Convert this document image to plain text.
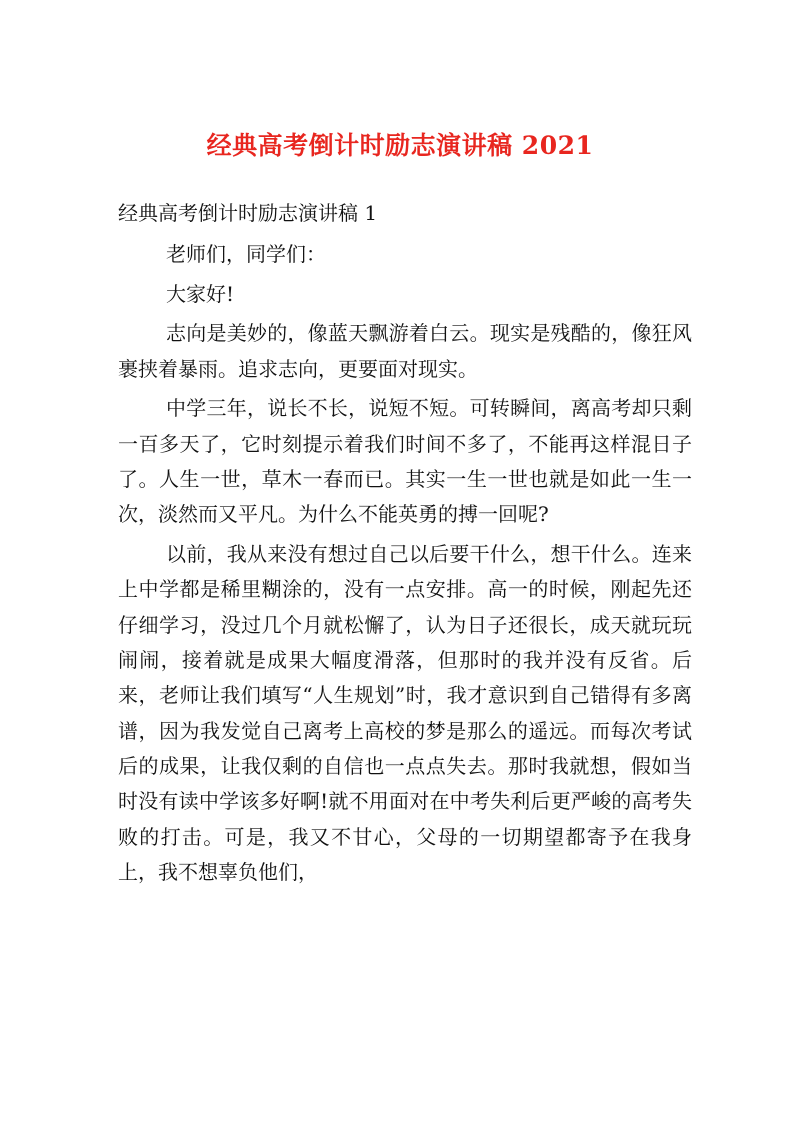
经典高考倒计时励志演讲稿 2021

经典高考倒计时励志演讲稿 1

老师们，同学们：

大家好!

志向是美妙的，像蓝天飘游着白云。现实是残酷的，像狂风裹挟着暴雨。追求志向，更要面对现实。

中学三年，说长不长，说短不短。可转瞬间，离高考却只剩一百多天了，它时刻提示着我们时间不多了，不能再这样混日子了。人生一世，草木一春而已。其实一生一世也就是如此一生一次，淡然而又平凡。为什么不能英勇的搏一回呢?

以前，我从来没有想过自己以后要干什么，想干什么。连来上中学都是稀里糊涂的，没有一点安排。高一的时候，刚起先还仔细学习，没过几个月就松懈了，认为日子还很长，成天就玩玩闹闹，接着就是成果大幅度滑落，但那时的我并没有反省。后来，老师让我们填写“人生规划”时，我才意识到自己错得有多离谱，因为我发觉自己离考上高校的梦是那么的遥远。而每次考试后的成果，让我仅剩的自信也一点点失去。那时我就想，假如当时没有读中学该多好啊!就不用面对在中考失利后更严峻的高考失败的打击。可是，我又不甘心，父母的一切期望都寄予在我身上，我不想辜负他们，
